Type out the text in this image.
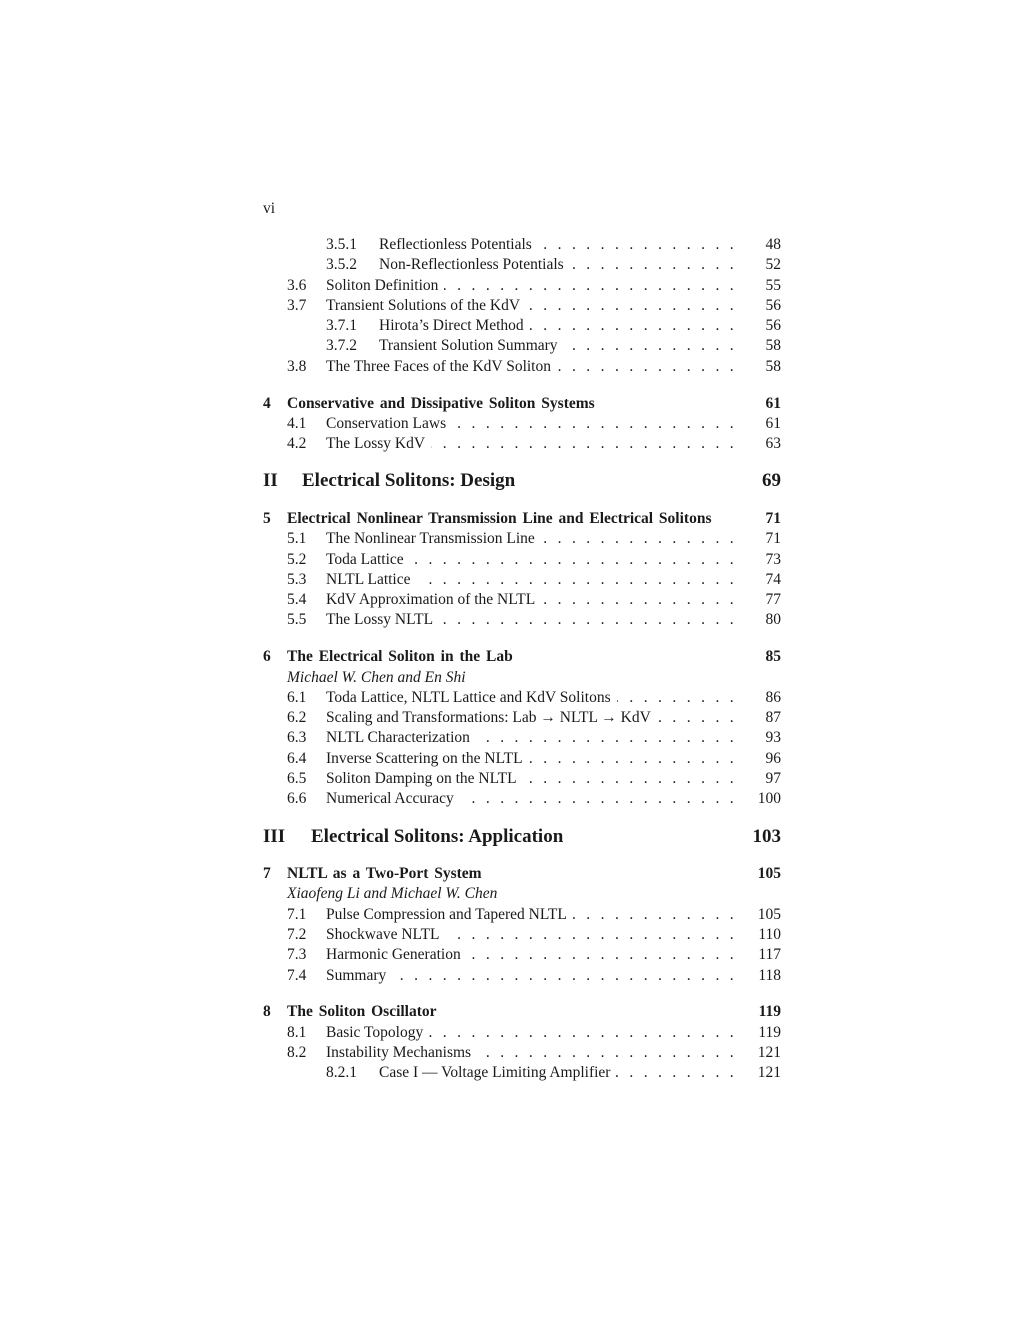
vi
3.5.1 Reflectionless Potentials . . .	48
3.5.2 Non-Reflectionless Potentials . . .	52
3.6 Soliton Definition . . .	55
3.7 Transient Solutions of the KdV . . .	56
3.7.1 Hirota’s Direct Method . . .	56
3.7.2 Transient Solution Summary . . .	58
3.8 The Three Faces of the KdV Soliton . . .	58
4 Conservative and Dissipative Soliton Systems	61
4.1 Conservation Laws . . .	61
4.2 The Lossy KdV . . .	63
II Electrical Solitons: Design	69
5 Electrical Nonlinear Transmission Line and Electrical Solitons	71
5.1 The Nonlinear Transmission Line . . .	71
5.2 Toda Lattice . . .	73
5.3 NLTL Lattice . . .	74
5.4 KdV Approximation of the NLTL . . .	77
5.5 The Lossy NLTL . . .	80
6 The Electrical Soliton in the Lab	85
Michael W. Chen and En Shi
6.1 Toda Lattice, NLTL Lattice and KdV Solitons . . .	86
6.2 Scaling and Transformations: Lab → NLTL → KdV . . .	87
6.3 NLTL Characterization . . .	93
6.4 Inverse Scattering on the NLTL . . .	96
6.5 Soliton Damping on the NLTL . . .	97
6.6 Numerical Accuracy . . .	100
III Electrical Solitons: Application	103
7 NLTL as a Two-Port System	105
Xiaofeng Li and Michael W. Chen
7.1 Pulse Compression and Tapered NLTL . . .	105
7.2 Shockwave NLTL . . .	110
7.3 Harmonic Generation . . .	117
7.4 Summary . . .	118
8 The Soliton Oscillator	119
8.1 Basic Topology . . .	119
8.2 Instability Mechanisms . . .	121
8.2.1 Case I — Voltage Limiting Amplifier . . .	121
